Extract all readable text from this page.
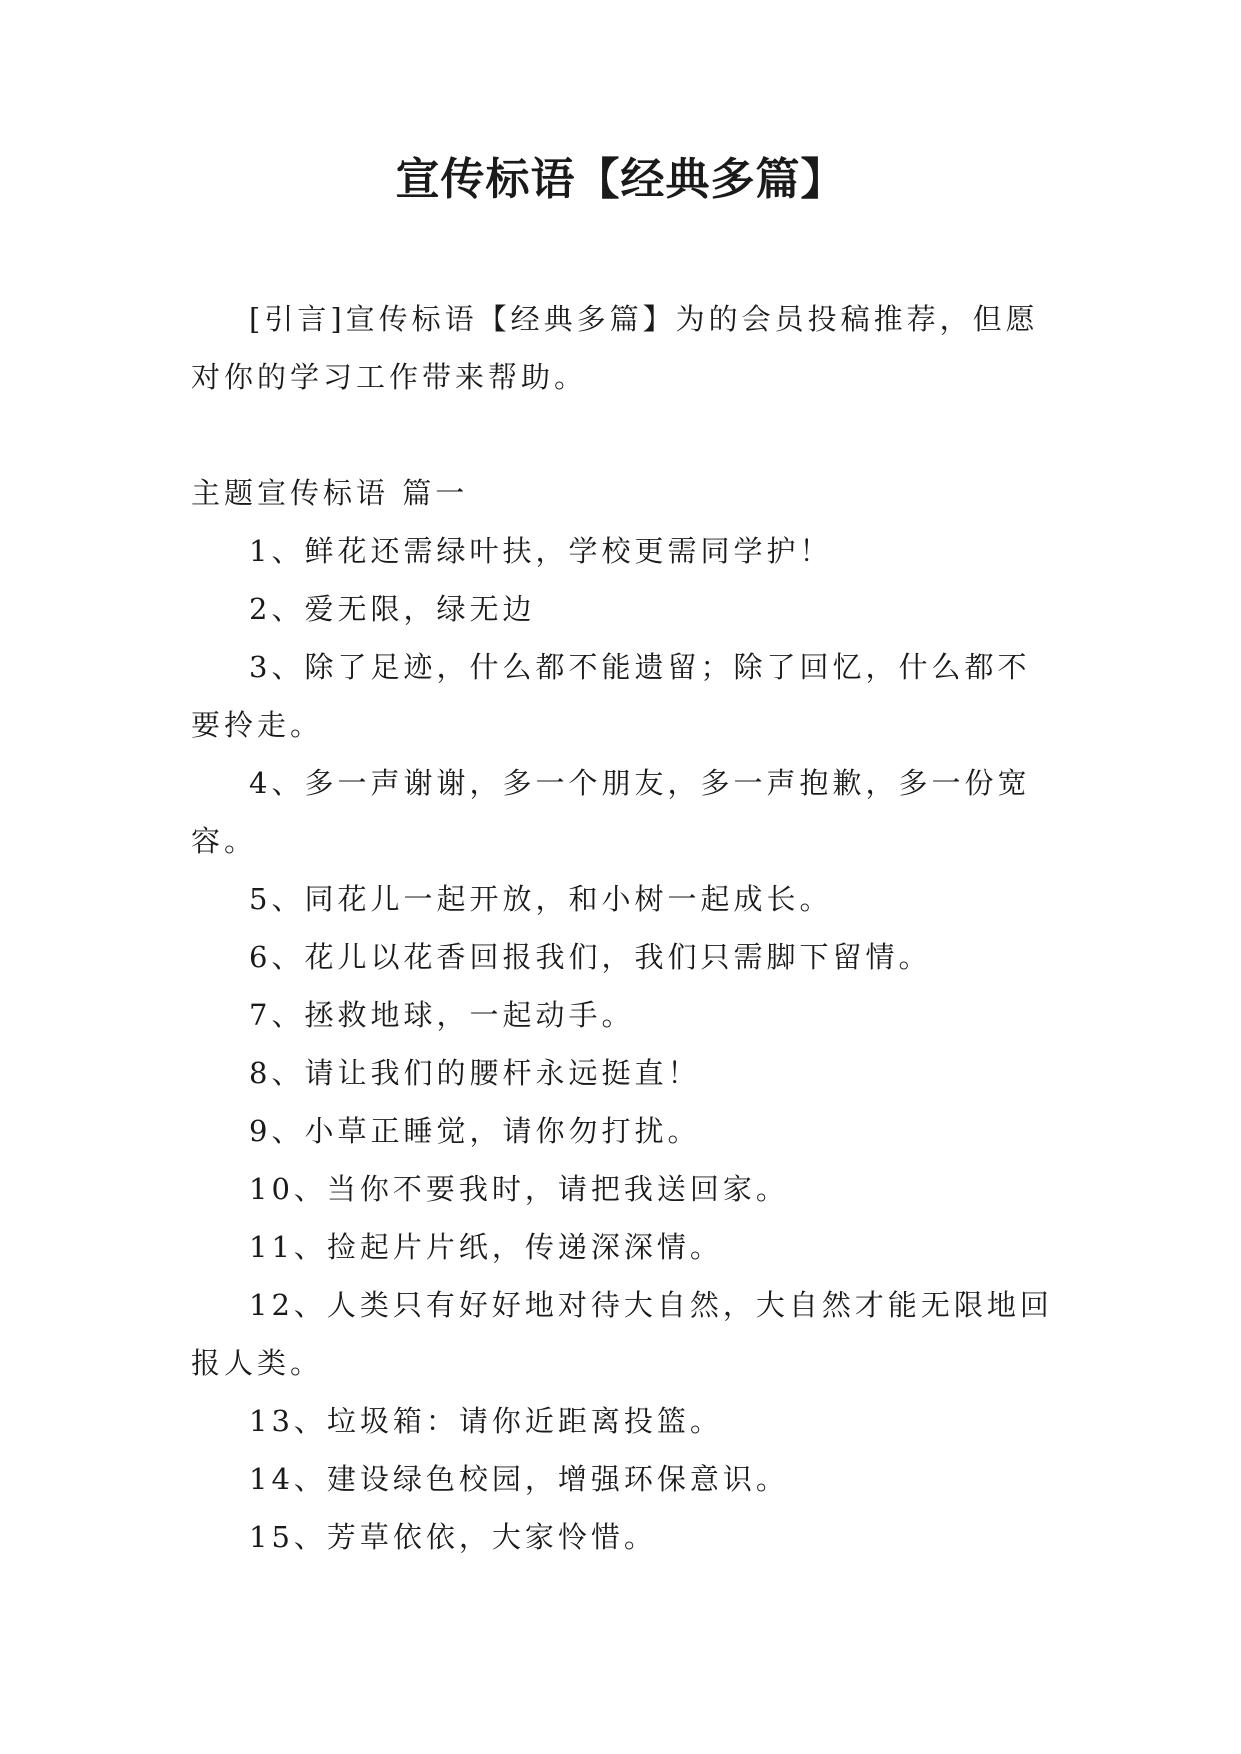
宣传标语【经典多篇】

[引言]宣传标语【经典多篇】为的会员投稿推荐，但愿对你的学习工作带来帮助。

主题宣传标语 篇一

1、鲜花还需绿叶扶，学校更需同学护！

2、爱无限，绿无边

3、除了足迹，什么都不能遗留；除了回忆，什么都不要拎走。

4、多一声谢谢，多一个朋友，多一声抱歉，多一份宽容。

5、同花儿一起开放，和小树一起成长。

6、花儿以花香回报我们，我们只需脚下留情。

7、拯救地球，一起动手。

8、请让我们的腰杆永远挺直！

9、小草正睡觉，请你勿打扰。

10、当你不要我时，请把我送回家。

11、捡起片片纸，传递深深情。

12、人类只有好好地对待大自然，大自然才能无限地回报人类。

13、垃圾箱：请你近距离投篮。

14、建设绿色校园，增强环保意识。

15、芳草依依，大家怜惜。
